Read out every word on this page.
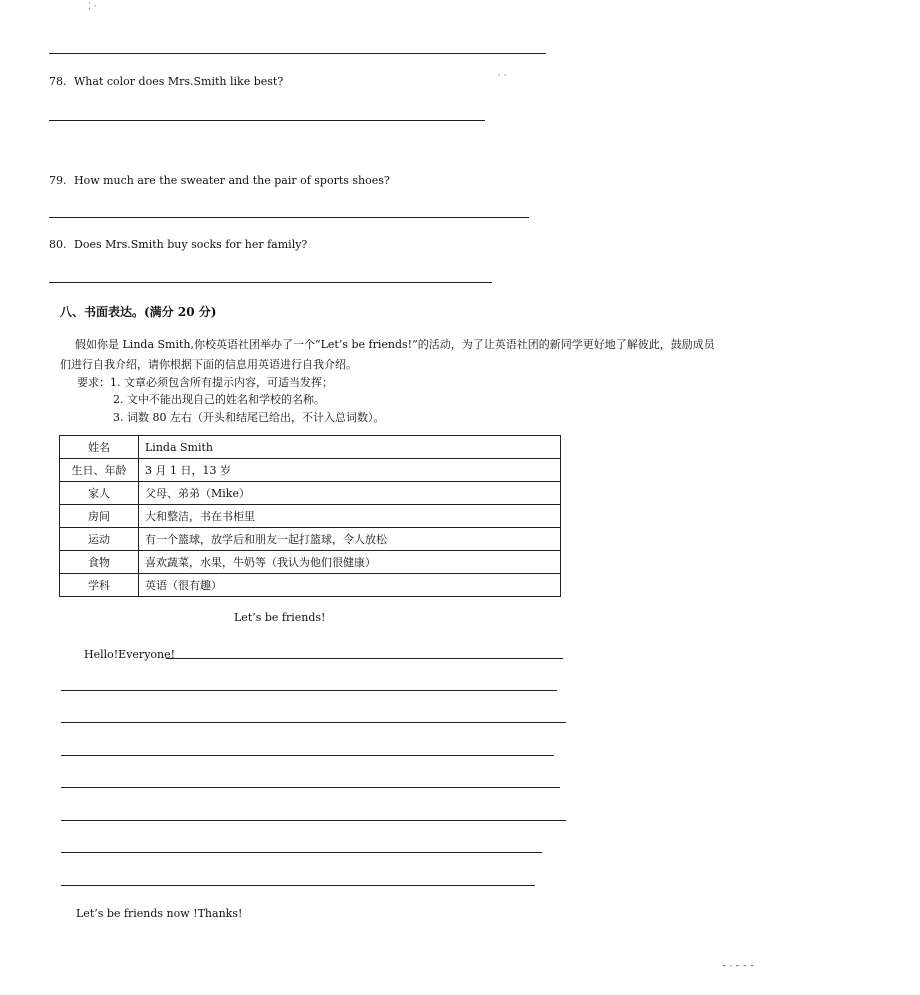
⁚ ·
· ·
78. What color does Mrs.Smith like best?
79. How much are the sweater and the pair of sports shoes?
80. Does Mrs.Smith buy socks for her family?
八、书面表达。(满分 20 分)
假如你是 Linda Smith,你校英语社团举办了一个“Let’s be friends!”的活动，为了让英语社团的新同学更好地了解彼此，鼓励成员
们进行自我介绍，请你根据下面的信息用英语进行自我介绍。
要求：1. 文章必须包含所有提示内容，可适当发挥；
2. 文中不能出现自己的姓名和学校的名称。
3. 词数 80 左右（开头和结尾已给出，不计入总词数）。
姓名	Linda Smith
生日、年龄	3 月 1 日，13 岁
家人	父母、弟弟（Mike）
房间	大和整洁，书在书柜里
运动	有一个篮球，放学后和朋友一起打篮球，令人放松
食物	喜欢蔬菜，水果，牛奶等（我认为他们很健康）
学科	英语（很有趣）
Let’s be friends!
Hello!Everyone!
Let’s be friends now !Thanks!
⁃ · ⁃ ⁃ ⁃
